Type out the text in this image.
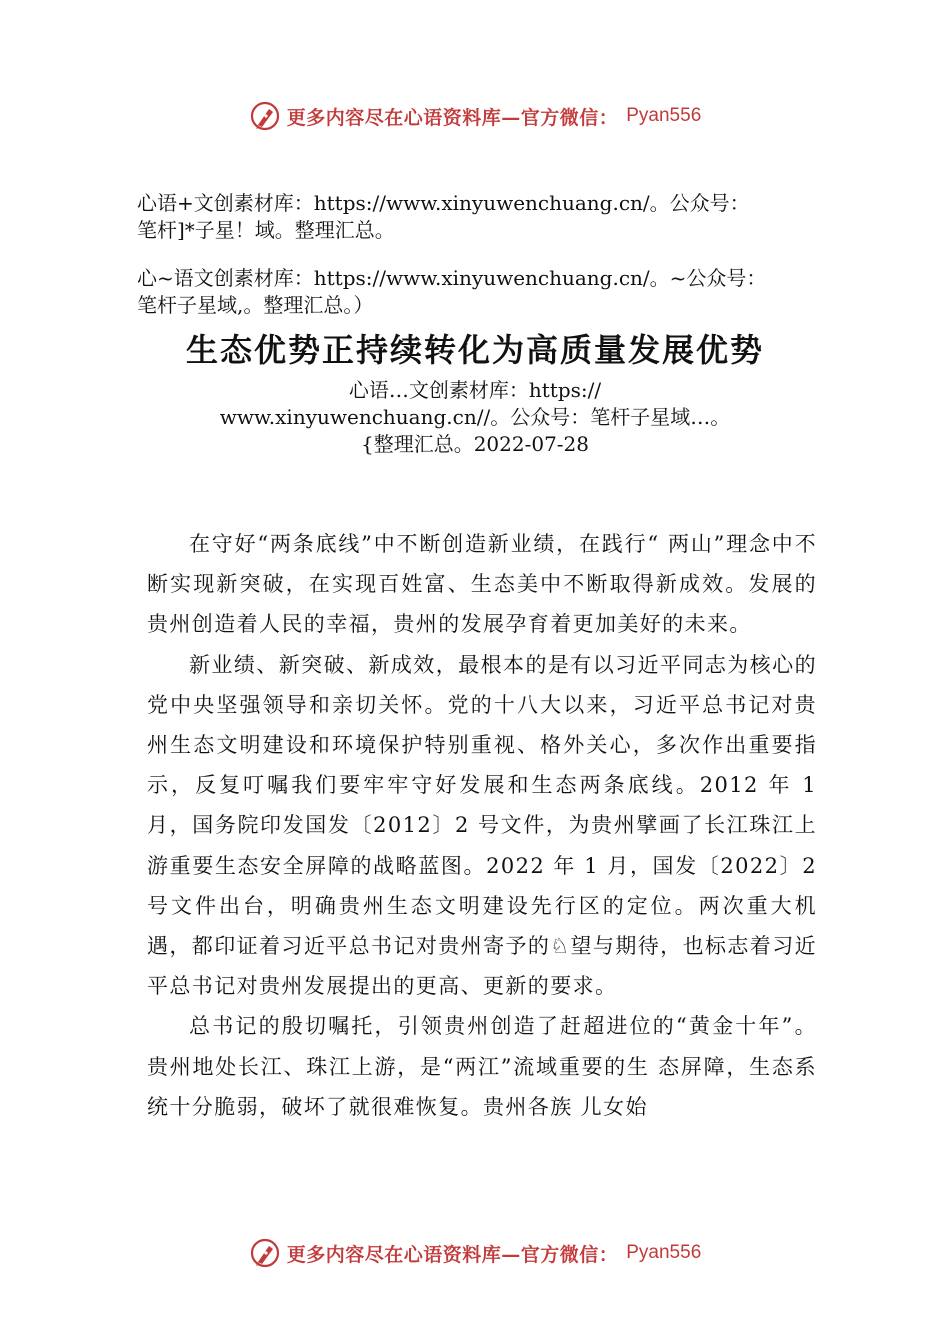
更多内容尽在心语资料库—官方微信： Pyan556
心语+文创素材库：https://www.xinyuwenchuang.cn/。公众号：
笔杆]*子星！域。整理汇总。
心~语文创素材库：https://www.xinyuwenchuang.cn/。~公众号：
笔杆子星域,。整理汇总。）
生态优势正持续转化为高质量发展优势
心语…文创素材库：https://
www.xinyuwenchuang.cn//。公众号：笔杆子星域…。
{整理汇总。2022-07-28

在守好“两条底线”中不断创造新业绩，在践行“ 两山”理念中不断实现新突破，在实现百姓富、生态美中不断取得新成效。发展的贵州创造着人民的幸福，贵州的发展孕育着更加美好的未来。

新业绩、新突破、新成效，最根本的是有以习近平同志为核心的党中央坚强领导和亲切关怀。党的十八大以来，习近平总书记对贵州生态文明建设和环境保护特别重视、格外关心，多次作出重要指示，反复叮嘱我们要牢牢守好发展和生态两条底线。2012 年 1 月，国务院印发国发〔2012〕2 号文件，为贵州擘画了长江珠江上游重要生态安全屏障的战略蓝图。2022 年 1 月，国发〔2022〕2 号文件出台，明确贵州生态文明建设先行区的定位。两次重大机遇，都印证着习近平总书记对贵州寄予的♘望与期待，也标志着习近平总书记对贵州发展提出的更高、更新的要求。

总书记的殷切嘱托，引领贵州创造了赶超进位的“黄金十年”。贵州地处长江、珠江上游，是“两江”流域重要的生 态屏障，生态系统十分脆弱，破坏了就很难恢复。贵州各族 儿女始

更多内容尽在心语资料库—官方微信： Pyan556
